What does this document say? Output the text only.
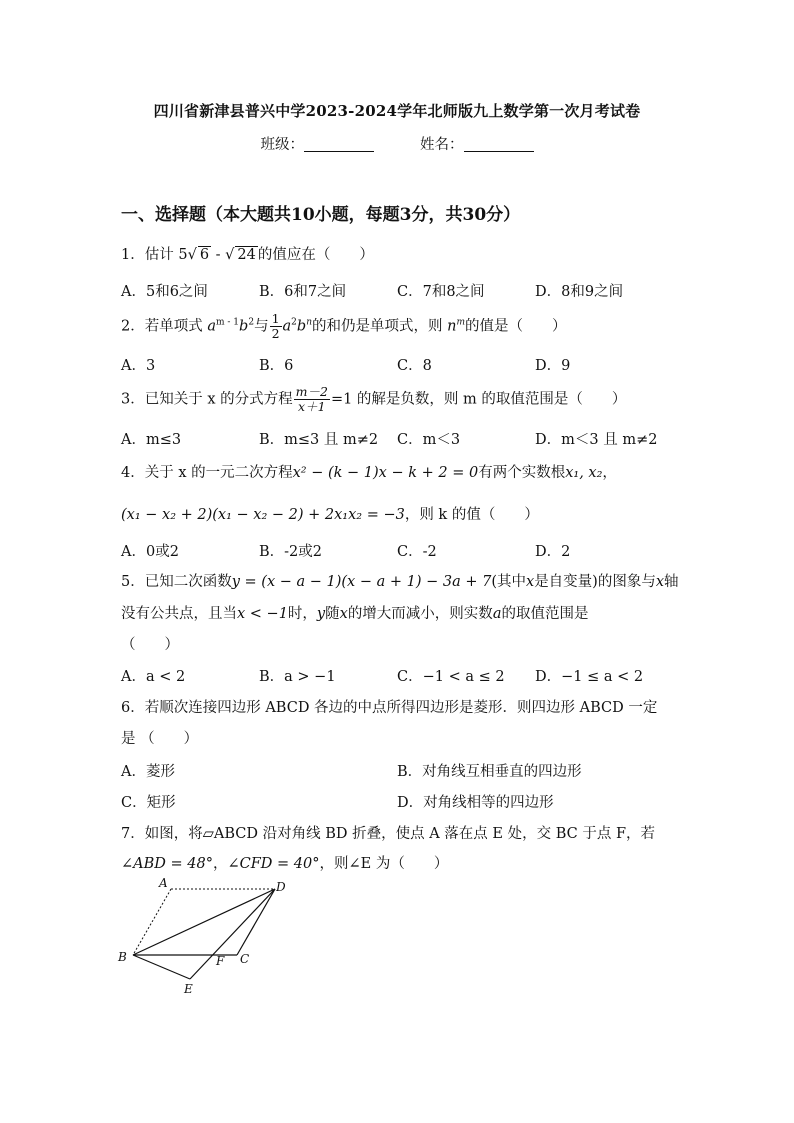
四川省新津县普兴中学2023-2024学年北师版九上数学第一次月考试卷
班级：	姓名：
一、选择题（本大题共10小题，每题3分，共30分）
1．估计 5√ 6 - √ 24 的值应在（　　）
A．5和6之间	B．6和7之间	C．7和8之间	D．8和9之间
2．若单项式 $a^{m - 1}b^2$与 $\frac{1}{2} a^2b^n$的和仍是单项式，则 $n^m$的值是（　　）
A．3	B．6	C．8	D．9
3．已知关于 x 的分式方程 $\frac{m-2}{x+1} =1$ 的解是负数，则 m 的取值范围是（　　）
A．m≤3	B．m≤3 且 m≠2 C．m＜3	D．m＜3 且 m≠2
4．关于 x 的一元二次方程x² − (k − 1)x − k + 2 = 0有两个实数根x₁, x₂，
(x₁ − x₂ + 2)(x₁ − x₂ − 2) + 2x₁x₂ = −3，则 k 的值（　　）
A．0或2	B．-2或2	C．-2	D．2
5．已知二次函数y = (x − a − 1)(x − a + 1) − 3a + 7(其中x是自变量)的图象与x轴
没有公共点，且当x < −1时，y随x的增大而减小，则实数a的取值范围是
（　　）
A．a < 2	B．a > −1	C．−1 < a ≤ 2 D．−1 ≤ a < 2
6．若顺次连接四边形 ABCD 各边的中点所得四边形是菱形．则四边形 ABCD 一定
是 （　　）
A．菱形	B．对角线互相垂直的四边形
C．矩形	D．对角线相等的四边形
7．如图，将▱ABCD 沿对角线 BD 折叠，使点 A 落在点 E 处，交 BC 于点 F，若
∠ABD = 48°，∠CFD = 40°，则∠E 为（　　）
A	D
B	F C
E
